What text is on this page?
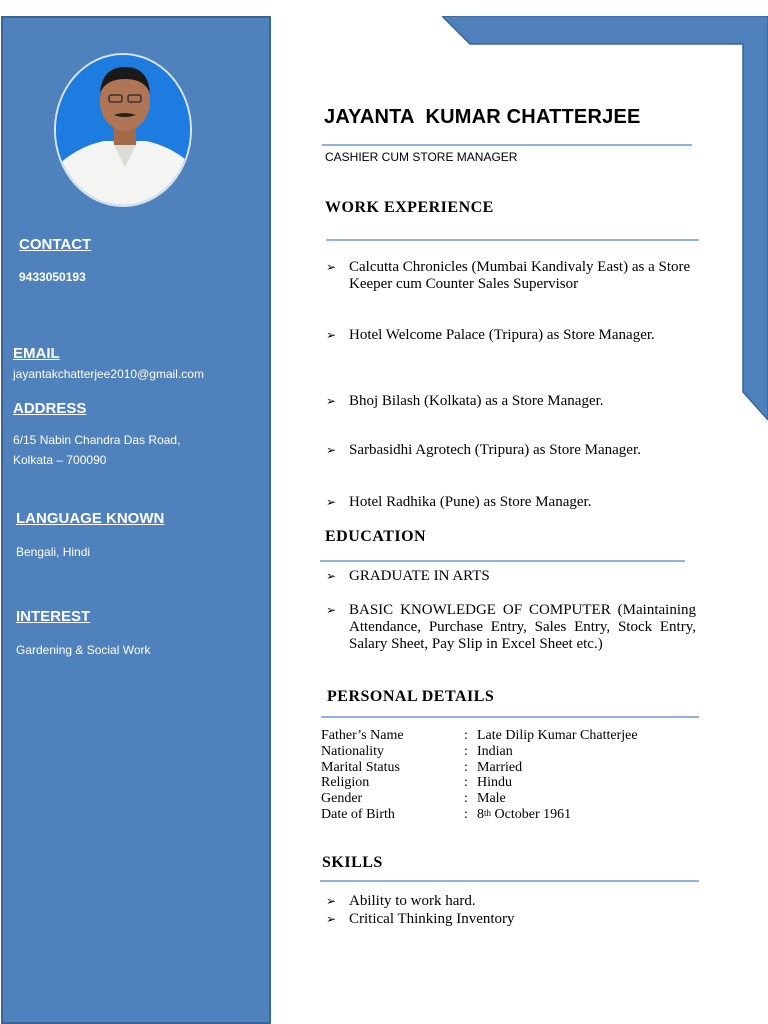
CONTACT
9433050193
EMAIL
jayantakchatterjee2010@gmail.com
ADDRESS
6/15 Nabin Chandra Das Road,
Kolkata – 700090
LANGUAGE KNOWN
Bengali, Hindi
INTEREST
Gardening & Social Work
JAYANTA  KUMAR CHATTERJEE
CASHIER CUM STORE MANAGER
WORK EXPERIENCE
➢ Calcutta Chronicles (Mumbai Kandivaly East) as a Store Keeper cum Counter Sales Supervisor
➢ Hotel Welcome Palace (Tripura) as Store Manager.
➢ Bhoj Bilash (Kolkata) as a Store Manager.
➢ Sarbasidhi Agrotech (Tripura) as Store Manager.
➢ Hotel Radhika (Pune) as Store Manager.
EDUCATION
➢ GRADUATE IN ARTS
➢ BASIC KNOWLEDGE OF COMPUTER (Maintaining Attendance, Purchase Entry, Sales Entry, Stock Entry, Salary Sheet, Pay Slip in Excel Sheet etc.)
PERSONAL DETAILS
Father’s Name	: Late Dilip Kumar Chatterjee
Nationality	: Indian
Marital Status	: Married
Religion	: Hindu
Gender	: Male
Date of Birth	: 8th October 1961
SKILLS
➢ Ability to work hard.
➢ Critical Thinking Inventory
